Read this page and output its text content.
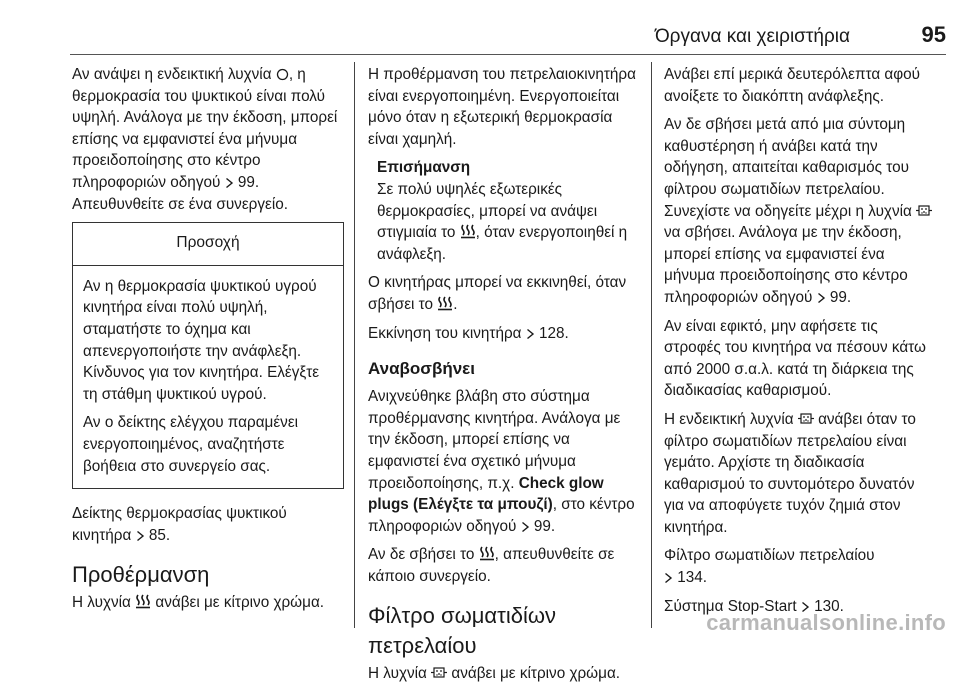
Όργανα και χειριστήρια	95

Αν ανάψει η ενδεικτική λυχνία , η θερμοκρασία του ψυκτικού είναι πολύ υψηλή. Ανάλογα με την έκδοση, μπορεί επίσης να εμφανιστεί ένα μήνυμα προειδοποίησης στο κέντρο πληροφοριών οδηγού 99. Απευθυνθείτε σε ένα συνεργείο.

Προσοχή

Αν η θερμοκρασία ψυκτικού υγρού κινητήρα είναι πολύ υψηλή, σταματήστε το όχημα και απενεργοποιήστε την ανάφλεξη. Κίνδυνος για τον κινητήρα. Ελέγξτε τη στάθμη ψυκτικού υγρού.

Αν ο δείκτης ελέγχου παραμένει ενεργοποιημένος, αναζητήστε βοήθεια στο συνεργείο σας.

Δείκτης θερμοκρασίας ψυκτικού κινητήρα 85.

Προθέρμανση

Η λυχνία ανάβει με κίτρινο χρώμα.

Η προθέρμανση του πετρελαιοκινητήρα είναι ενεργοποιημένη. Ενεργοποιείται μόνο όταν η εξωτερική θερμοκρασία είναι χαμηλή.

Επισήμανση

Σε πολύ υψηλές εξωτερικές θερμοκρασίες, μπορεί να ανάψει στιγμιαία το , όταν ενεργοποιηθεί η ανάφλεξη.

Ο κινητήρας μπορεί να εκκινηθεί, όταν σβήσει το .

Εκκίνηση του κινητήρα 128.

Αναβοσβήνει

Ανιχνεύθηκε βλάβη στο σύστημα προθέρμανσης κινητήρα. Ανάλογα με την έκδοση, μπορεί επίσης να εμφανιστεί ένα σχετικό μήνυμα προειδοποίησης, π.χ. Check glow plugs (Ελέγξτε τα μπουζί), στο κέντρο πληροφοριών οδηγού 99.

Αν δε σβήσει το , απευθυνθείτε σε κάποιο συνεργείο.

Φίλτρο σωματιδίων πετρελαίου

Η λυχνία ανάβει με κίτρινο χρώμα.

Ανάβει επί μερικά δευτερόλεπτα αφού ανοίξετε το διακόπτη ανάφλεξης.

Αν δε σβήσει μετά από μια σύντομη καθυστέρηση ή ανάβει κατά την οδήγηση, απαιτείται καθαρισμός του φίλτρου σωματιδίων πετρελαίου. Συνεχίστε να οδηγείτε μέχρι η λυχνία  να σβήσει. Ανάλογα με την έκδοση, μπορεί επίσης να εμφανιστεί ένα μήνυμα προειδοποίησης στο κέντρο πληροφοριών οδηγού 99.

Αν είναι εφικτό, μην αφήσετε τις στροφές του κινητήρα να πέσουν κάτω από 2000 σ.α.λ. κατά τη διάρκεια της διαδικασίας καθαρισμού.

Η ενδεικτική λυχνία ανάβει όταν το φίλτρο σωματιδίων πετρελαίου είναι γεμάτο. Αρχίστε τη διαδικασία καθαρισμού το συντομότερο δυνατόν για να αποφύγετε τυχόν ζημιά στον κινητήρα.

Φίλτρο σωματιδίων πετρελαίου
134.

Σύστημα Stop-Start 130.

carmanualsonline.info
